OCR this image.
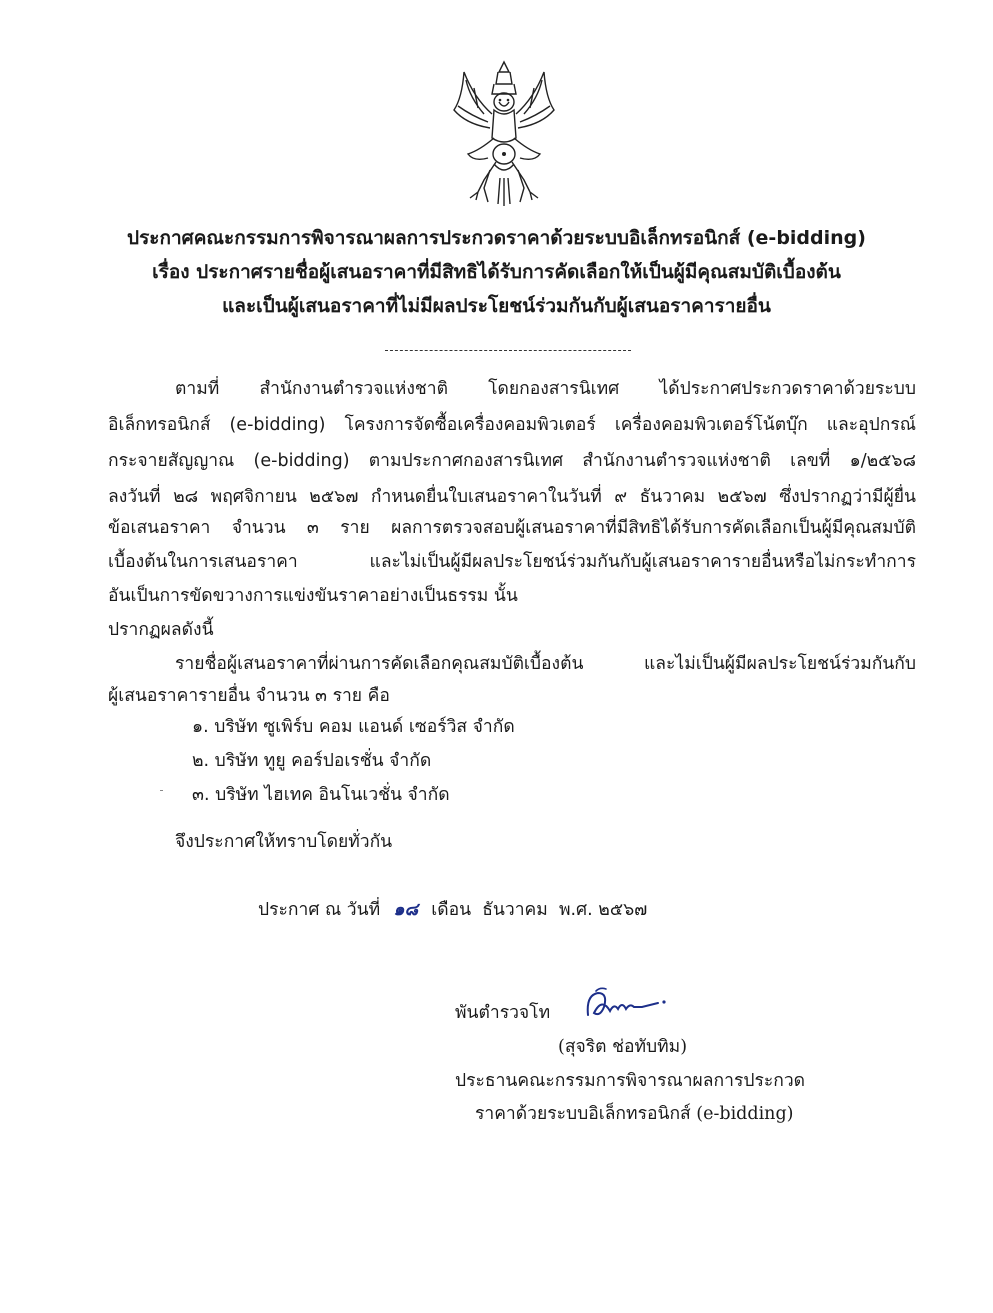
ประกาศคณะกรรมการพิจารณาผลการประกวดราคาด้วยระบบอิเล็กทรอนิกส์ (e-bidding)
เรื่อง ประกาศรายชื่อผู้เสนอราคาที่มีสิทธิได้รับการคัดเลือกให้เป็นผู้มีคุณสมบัติเบื้องต้น
และเป็นผู้เสนอราคาที่ไม่มีผลประโยชน์ร่วมกันกับผู้เสนอราคารายอื่น
ตามที่ สำนักงานตำรวจแห่งชาติ โดยกองสารนิเทศ ได้ประกาศประกวดราคาด้วยระบบ
อิเล็กทรอนิกส์ (e-bidding) โครงการจัดซื้อเครื่องคอมพิวเตอร์ เครื่องคอมพิวเตอร์โน้ตบุ๊ก และอุปกรณ์
กระจายสัญญาณ (e-bidding) ตามประกาศกองสารนิเทศ สำนักงานตำรวจแห่งชาติ เลขที่ ๑/๒๕๖๘
ลงวันที่ ๒๘ พฤศจิกายน ๒๕๖๗ กำหนดยื่นใบเสนอราคาในวันที่ ๙ ธันวาคม ๒๕๖๗ ซึ่งปรากฏว่ามีผู้ยื่น
ข้อเสนอราคา จำนวน ๓ ราย ผลการตรวจสอบผู้เสนอราคาที่มีสิทธิได้รับการคัดเลือกเป็นผู้มีคุณสมบัติ
เบื้องต้นในการเสนอราคา และไม่เป็นผู้มีผลประโยชน์ร่วมกันกับผู้เสนอราคารายอื่นหรือไม่กระทำการ
อันเป็นการขัดขวางการแข่งขันราคาอย่างเป็นธรรม นั้น
ปรากฏผลดังนี้
รายชื่อผู้เสนอราคาที่ผ่านการคัดเลือกคุณสมบัติเบื้องต้น และไม่เป็นผู้มีผลประโยชน์ร่วมกันกับ
ผู้เสนอราคารายอื่น จำนวน ๓ ราย คือ
๑. บริษัท ซูเพิร์บ คอม แอนด์ เซอร์วิส จำกัด
๒. บริษัท ทูยู คอร์ปอเรชั่น จำกัด
๓. บริษัท ไฮเทค อินโนเวชั่น จำกัด
จึงประกาศให้ทราบโดยทั่วกัน
ประกาศ ณ วันที่ ๑๘ เดือน ธันวาคม พ.ศ. ๒๕๖๗
พันตำรวจโท
(สุจริต ช่อทับทิม)
ประธานคณะกรรมการพิจารณาผลการประกวด
ราคาด้วยระบบอิเล็กทรอนิกส์ (e-bidding)
